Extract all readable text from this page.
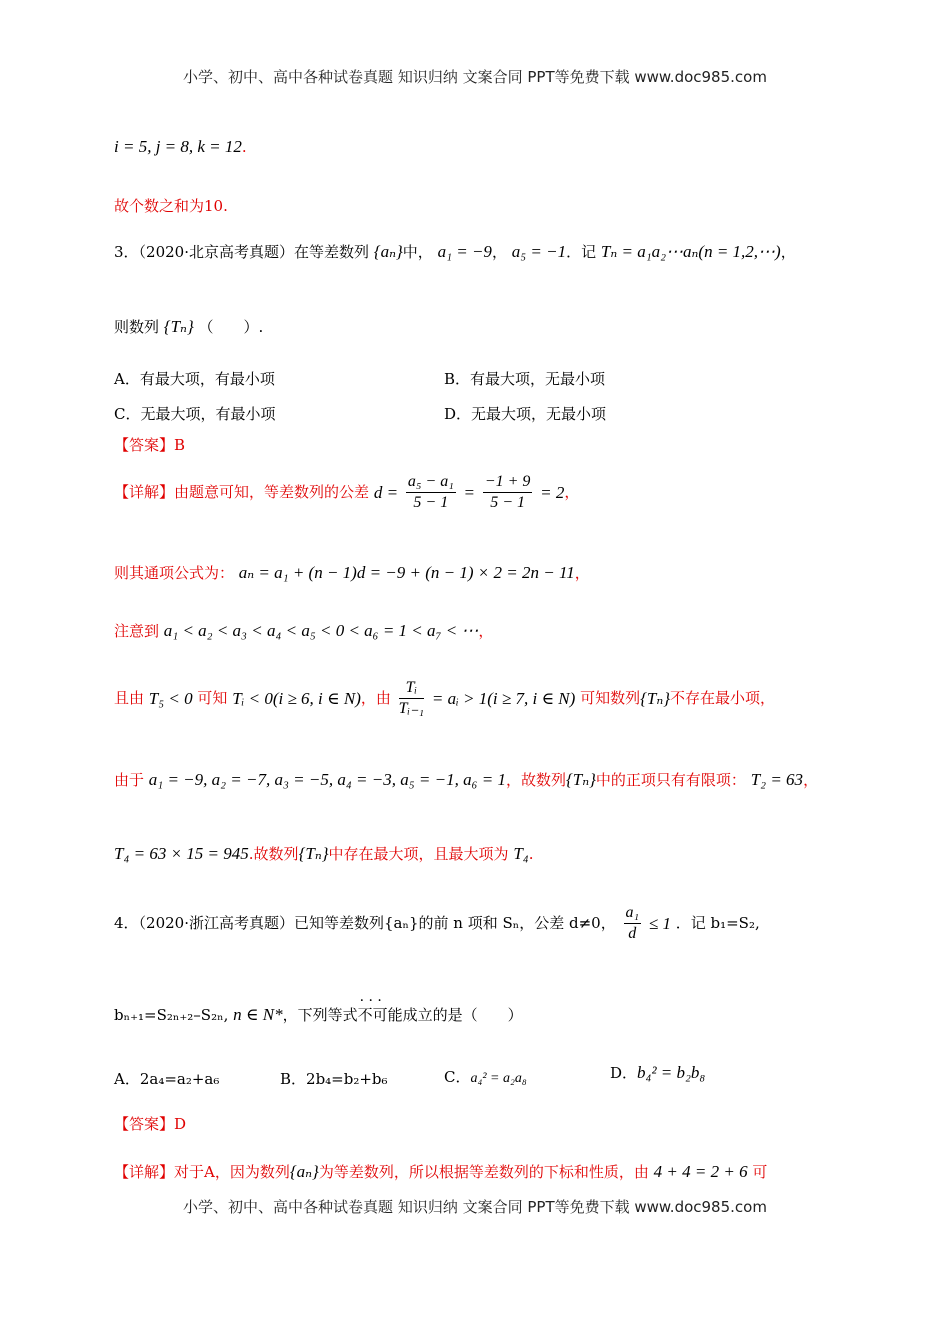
小学、初中、高中各种试卷真题 知识归纳 文案合同 PPT等免费下载 www.doc985.com
i = 5, j = 8, k = 12.
故个数之和为10.
3．（2020·北京高考真题）在等差数列 {aₙ}中， a₁ = −9， a₅ = −1．记 Tₙ = a₁a₂⋯aₙ(n = 1,2,⋯)，
则数列 {Tₙ} （　　）.
A．有最大项，有最小项	B．有最大项，无最小项
C．无最大项，有最小项	D．无最大项，无最小项
【答案】B
【详解】由题意可知，等差数列的公差 $d = \frac{\text{a₅ − a₁}}{5 - 1} = \frac{-1 + 9}{5 - 1} = 2$，
则其通项公式为： aₙ = a₁ + (n − 1)d = −9 + (n − 1) × 2 = 2n − 11，
注意到 a₁ < a₂ < a₃ < a₄ < a₅ < 0 < a₆ = 1 < a₇ < ⋯，
且由 T₅ < 0 可知 Tᵢ < 0(i ≥ 6, i ∈ N)，由 $\frac{\text{Tᵢ}}{\text{Tᵢ₋₁}}$ = aᵢ > 1(i ≥ 7, i ∈ N) 可知数列{Tₙ}不存在最小项，
由于 a₁ = −9, a₂ = −7, a₃ = −5, a₄ = −3, a₅ = −1, a₆ = 1，故数列{Tₙ}中的正项只有有限项： T₂ = 63，
T₄ = 63 × 15 = 945.故数列{Tₙ}中存在最大项，且最大项为 T₄.
4．（2020·浙江高考真题）已知等差数列{aₙ}的前 n 项和 Sₙ，公差 d≠0， $\frac{\text{a₁}}{d} \le 1$ ．记 b₁=S₂,
bₙ₊₁=S₂ₙ₊₂–S₂ₙ, n ∈ N*，下列等式· · 不可能成立的是（　　）
A．2a₄=a₂+a₆	B．2b₄=b₂+b₆	C．a₄² = a₂a₈	D．b₄² = b₂b₈
【答案】D
【详解】对于A，因为数列{aₙ}为等差数列，所以根据等差数列的下标和性质，由 4 + 4 = 2 + 6 可
小学、初中、高中各种试卷真题 知识归纳 文案合同 PPT等免费下载 www.doc985.com
